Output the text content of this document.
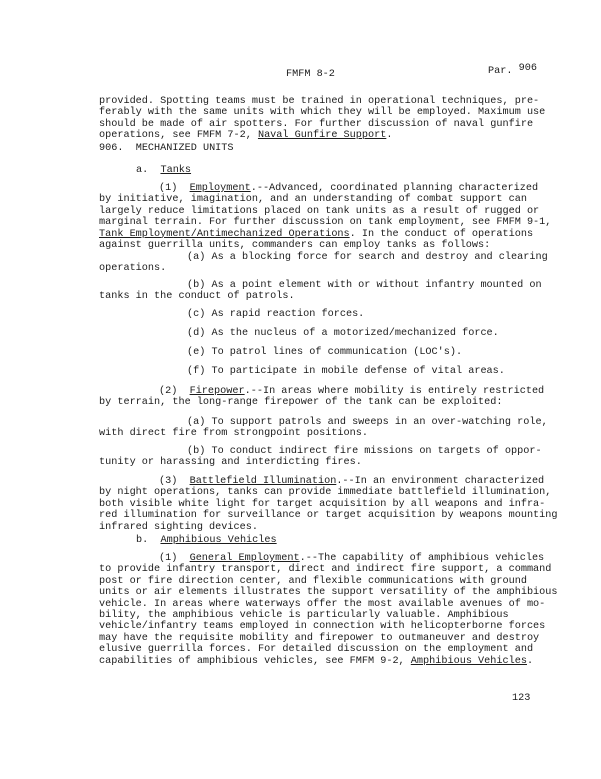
FMFM 8-2	Par. 906
provided. Spotting teams must be trained in operational techniques, pre-
ferably with the same units with which they will be employed. Maximum use
should be made of air spotters. For further discussion of naval gunfire
operations, see FMFM 7-2, Naval Gunfire Support.
906. MECHANIZED UNITS
a. Tanks
(1) Employment.--Advanced, coordinated planning characterized
by initiative, imagination, and an understanding of combat support can
largely reduce limitations placed on tank units as a result of rugged or
marginal terrain. For further discussion on tank employment, see FMFM 9-1,
Tank Employment/Antimechanized Operations. In the conduct of operations
against guerrilla units, commanders can employ tanks as follows:
(a) As a blocking force for search and destroy and clearing
operations.
(b) As a point element with or without infantry mounted on
tanks in the conduct of patrols.
(c) As rapid reaction forces.
(d) As the nucleus of a motorized/mechanized force.
(e) To patrol lines of communication (LOC's).
(f) To participate in mobile defense of vital areas.
(2) Firepower.--In areas where mobility is entirely restricted
by terrain, the long-range firepower of the tank can be exploited:
(a) To support patrols and sweeps in an over-watching role,
with direct fire from strongpoint positions.
(b) To conduct indirect fire missions on targets of oppor-
tunity or harassing and interdicting fires.
(3) Battlefield Illumination.--In an environment characterized
by night operations, tanks can provide immediate battlefield illumination,
both visible white light for target acquisition by all weapons and infra-
red illumination for surveillance or target acquisition by weapons mounting
infrared sighting devices.
b. Amphibious Vehicles
(1) General Employment.--The capability of amphibious vehicles
to provide infantry transport, direct and indirect fire support, a command
post or fire direction center, and flexible communications with ground
units or air elements illustrates the support versatility of the amphibious
vehicle. In areas where waterways offer the most available avenues of mo-
bility, the amphibious vehicle is particularly valuable. Amphibious
vehicle/infantry teams employed in connection with helicopterborne forces
may have the requisite mobility and firepower to outmaneuver and destroy
elusive guerrilla forces. For detailed discussion on the employment and
capabilities of amphibious vehicles, see FMFM 9-2, Amphibious Vehicles.
123
